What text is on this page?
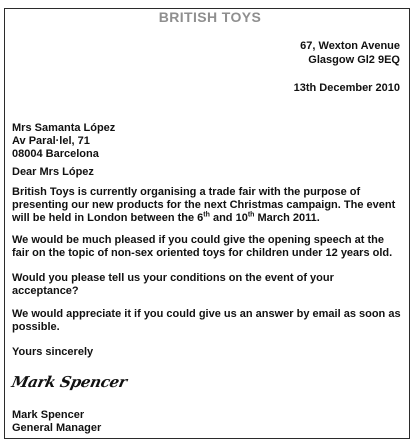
BRITISH TOYS
67, Wexton Avenue
Glasgow Gl2 9EQ
13th December 2010
Mrs Samanta López
Av Paral·lel, 71
08004 Barcelona
Dear Mrs López
British Toys is currently organising a trade fair with the purpose of
presenting our new products for the next Christmas campaign. The event
will be held in London between the 6th and 10th March 2011.
We would be much pleased if you could give the opening speech at the
fair on the topic of non-sex oriented toys for children under 12 years old.
Would you please tell us your conditions on the event of your
acceptance?
We would appreciate it if you could give us an answer by email as soon as
possible.
Yours sincerely
Mark Spencer
Mark Spencer
General Manager
